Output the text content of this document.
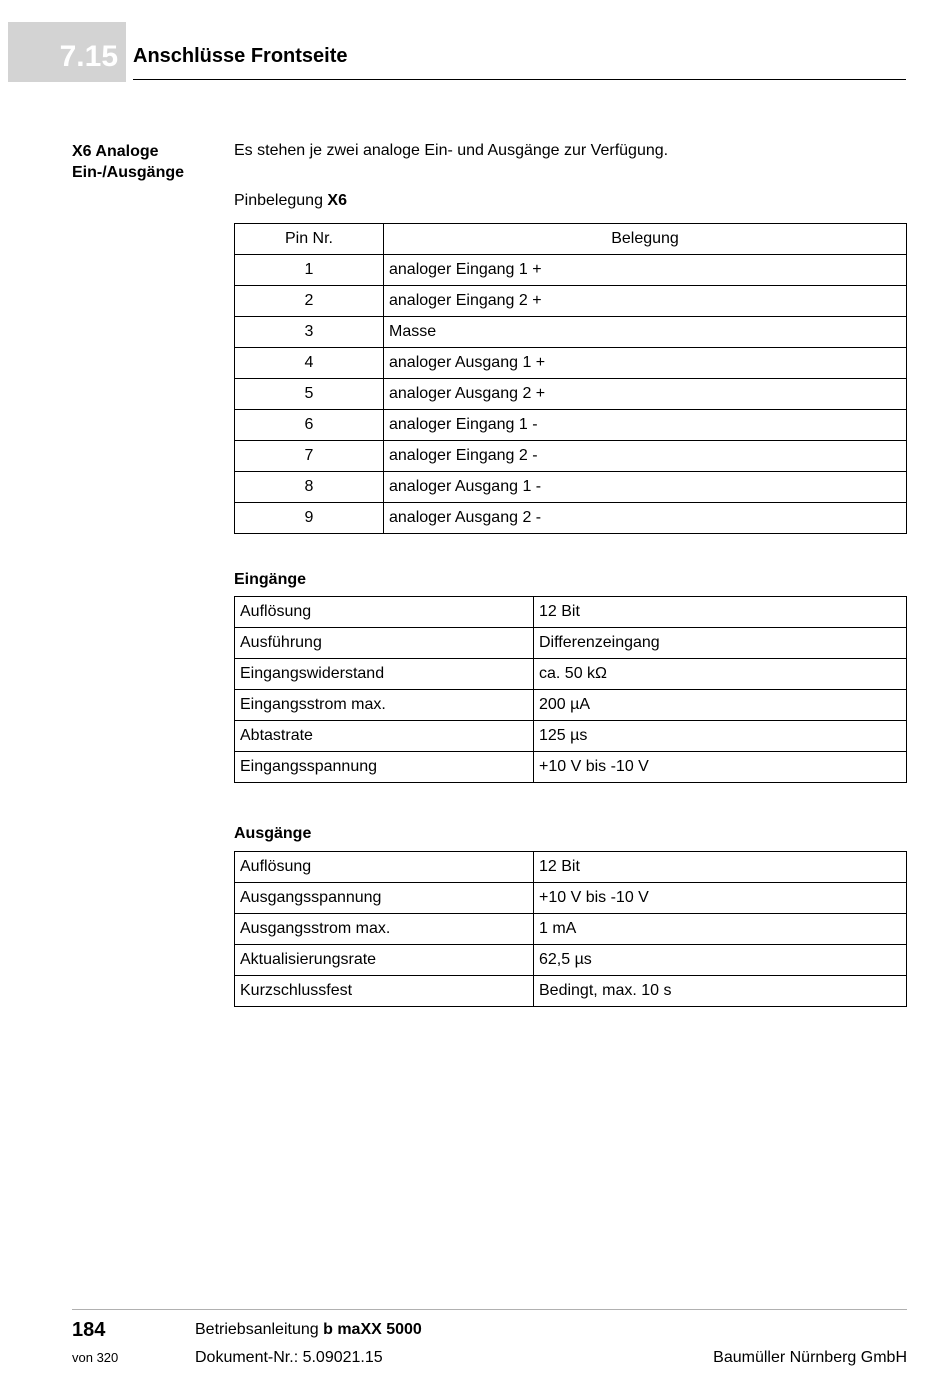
7.15 Anschlüsse Frontseite
X6 Analoge
Ein-/Ausgänge
Es stehen je zwei analoge Ein- und Ausgänge zur Verfügung.
Pinbelegung X6
Pin Nr.	Belegung
1	analoger Eingang 1 +
2	analoger Eingang 2 +
3	Masse
4	analoger Ausgang 1 +
5	analoger Ausgang 2 +
6	analoger Eingang 1 -
7	analoger Eingang 2 -
8	analoger Ausgang 1 -
9	analoger Ausgang 2 -
Eingänge
Auflösung	12 Bit
Ausführung	Differenzeingang
Eingangswiderstand	ca. 50 kΩ
Eingangsstrom max.	200 µA
Abtastrate	125 µs
Eingangsspannung	+10 V bis -10 V
Ausgänge
Auflösung	12 Bit
Ausgangsspannung	+10 V bis -10 V
Ausgangsstrom max.	1 mA
Aktualisierungsrate	62,5 µs
Kurzschlussfest	Bedingt, max. 10 s
184
von 320
Betriebsanleitung b maXX 5000
Dokument-Nr.: 5.09021.15	Baumüller Nürnberg GmbH
